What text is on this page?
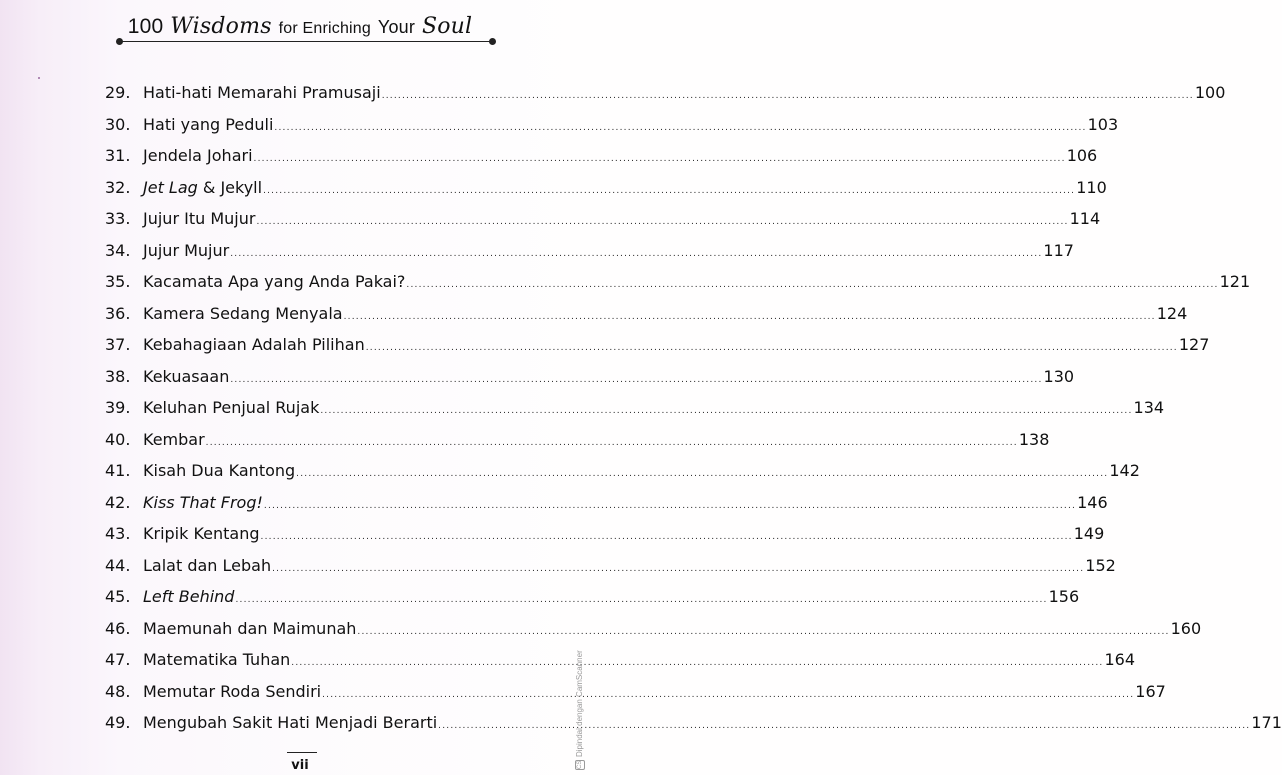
100 Wisdoms for Enriching Your Soul
29. Hati-hati Memarahi Pramusaji ........................................................................................................................................................................................................ 100
30. Hati yang Peduli ........................................................................................................................................................................................................ 103
31. Jendela Johari ........................................................................................................................................................................................................ 106
32. Jet Lag & Jekyll ........................................................................................................................................................................................................ 110
33. Jujur Itu Mujur ........................................................................................................................................................................................................ 114
34. Jujur Mujur ........................................................................................................................................................................................................ 117
35. Kacamata Apa yang Anda Pakai? ........................................................................................................................................................................................................ 121
36. Kamera Sedang Menyala ........................................................................................................................................................................................................ 124
37. Kebahagiaan Adalah Pilihan ........................................................................................................................................................................................................ 127
38. Kekuasaan ........................................................................................................................................................................................................ 130
39. Keluhan Penjual Rujak ........................................................................................................................................................................................................ 134
40. Kembar ........................................................................................................................................................................................................ 138
41. Kisah Dua Kantong ........................................................................................................................................................................................................ 142
42. Kiss That Frog! ........................................................................................................................................................................................................ 146
43. Kripik Kentang ........................................................................................................................................................................................................ 149
44. Lalat dan Lebah ........................................................................................................................................................................................................ 152
45. Left Behind ........................................................................................................................................................................................................ 156
46. Maemunah dan Maimunah ........................................................................................................................................................................................................ 160
47. Matematika Tuhan ........................................................................................................................................................................................................ 164
48. Memutar Roda Sendiri ........................................................................................................................................................................................................ 167
49. Mengubah Sakit Hati Menjadi Berarti ........................................................................................................................................................................................................ 171
vii	CSDipindai dengan CamScanner
